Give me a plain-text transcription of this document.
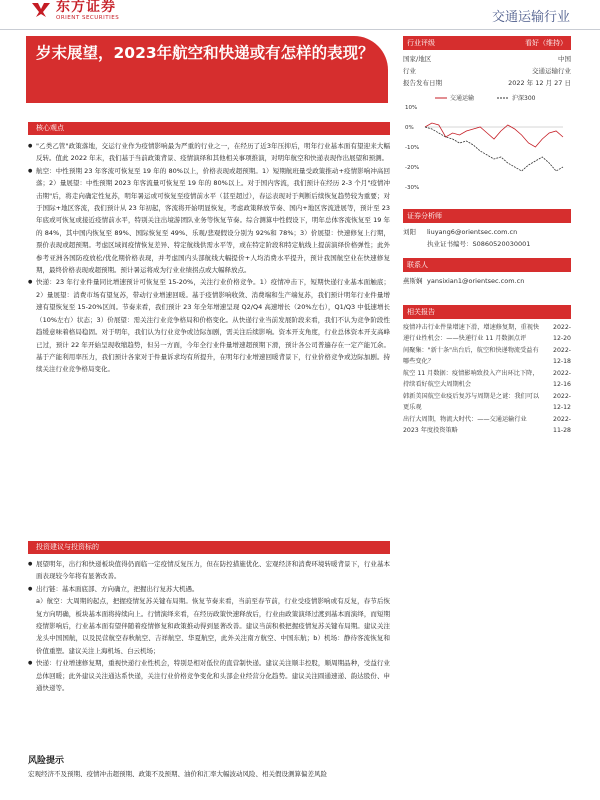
东方证券
ORIENT SECURITIES	交通运输行业
岁末展望，2023年航空和快递或有怎样的表现？
行业评级	看好（维持）
国家/地区	中国
行业	交通运输行业
报告发布日期	2022 年 12 月 27 日
交通运输	沪深300
10%
0%
-10%
-20%
-30%
证券分析师
刘阳	liuyang6@orientsec.com.cn
执业证书编号：S0860520030001
联系人
燕斯娴 yansixian1@orientsec.com.cn
相关报告
疫情冲击行业件量增速下滑，增速修复期，重视快递行业性机会：——快递行业 11 月数据点评
2022-12-20
间聚集："新十条"出台后，航空和快递物流受益有哪些变化？
2022-12-18
航空 11 月数据：疫情影响致投入产出环比下降，持续看好航空大周期机会
2022-12-16
韩新美国航空业疫后复苏与周期是之谜：我们可以更乐观
2022-12-12
出行大周期，物流大时代：——交通运输行业 2023 年度投资策略
2022-11-28
核心观点

● "乙类乙管"政策落地，交运行业作为疫情影响最为严重的行业之一，在经历了近3年压抑后，明年行业基本面有望迎来大幅反转。值此 2022 年末，我们基于当前政策背景、疫情演绎和其他相关事项推演，对明年航空和快递表现作出展望和预测。

● 航空：中性预期 23 年客流可恢复至 19 年的 80%以上，价格表现或超预期。1）短期航班量受政策推动+疫情影响冲高回落；2）量展望：中性预期 2023 年客流量可恢复至 19 年的 80%以上。对于国内客流，我们预计在经历 2-3 个月"疫情冲击期"后，将走向确定性复苏，明年暑运或可恢复至疫情前水平（甚至超过），春运表现对于判断后续恢复趋势较为重要；对于国际+地区客流，我们预计从 23 年初起，客流将开始明显恢复，考虑政策释放节奏、国内+地区客流进展等，预计至 23 年底或可恢复或接近疫情前水平，特别关注出境游团队业务等恢复节奏。综合测算中性假设下，明年总体客流恢复至 19 年的 84%，其中国内恢复至 89%、国际恢复至 49%、乐观/悲观假设分别为 92%和 78%；3）价展望：快速修复上行期，票价表现或超预期。考虑区域间疫情恢复差异、特定航线供需水平等，或在特定阶段和特定航线上提前演绎价格弹性；此外参考亚洲各国防疫放松/优化期价格表现，并考虑国内头部航线大幅提价+人均消费水平提升，预计我国航空业在快速修复期，最终价格表现或超预期。预计暑运将成为行业业绩拐点或大幅释放点。

● 快递：23 年行业件量同比增速预计可恢复至 15-20%，关注行业价格竞争。1）疫情冲击下，短期快递行业基本面触底；2）量展望：消费市场有望复苏，带动行业增速回暖。基于疫情影响收敛、消费端和生产端复苏，我们预计明年行业件量增速有望恢复至 15-20%区间。节奏来看，我们预计 23 年全年增速呈现 Q2/Q4 高速增长（20%左右），Q1/Q3 中低速增长（10%左右）状态；3）价展望：需关注行业竞争格局和价格变化。从快递行业当前发展阶段来看，我们不认为竞争阶段性趋缓意味着格局稳固。对于明年，我们认为行业竞争或边际加剧，需关注后续影响。资本开支角度，行业总体资本开支高峰已过，预计 22 年开始呈现收缩趋势，但另一方面，今年全行业件量增速超预期下滑，预计各公司普遍存在一定产能冗余。基于产能利用率压力，我们预计各家对于件量诉求均有所提升，在明年行业增速回暖背景下，行业价格竞争或边际加剧。持续关注行业竞争格局变化。

投资建议与投资标的

● 展望明年，出行和快递板块值得仍面临一定疫情反复压力，但在防控措施优化、宏观经济和消费环境转暖背景下，行业基本面表现较今年将有显著改善。

● 出行链：基本面底部、方向确立，把握出行复苏大机遇。

a）航空：大周期的起点，把握疫情复苏关键布局期。恢复节奏来看，当前至春节前，行业受疫情影响或有反复，春节后恢复方向明确，板块基本面将持续向上。行情演绎来看，在经历政策快速释放后，行业由政策演绎过渡到基本面演绎，而短期疫情影响后，行业基本面有望伴随着疫情修复和政策推动得到显著改善。建议当前积极把握疫情复苏关键布局期。建议关注龙头中国国航，以及民营航空春秋航空、吉祥航空、华夏航空，此外关注南方航空、中国东航；b）机场：静待客流恢复和价值重塑。建议关注上海机场、白云机场；

● 快递：行业增速修复期，重视快递行业性机会，特别是相对低位的直营制快递。建议关注顺丰控股，顺周期品种，受益行业总体回暖；此外建议关注通达系快递，关注行业价格竞争变化和头部企业经营分化趋势。建议关注圆通速递、韵达股份、申通快递等。

风险提示
宏观经济不及预期、疫情冲击超预期、政策不及预期、油价和汇率大幅波动风险、相关假设测算偏差风险
